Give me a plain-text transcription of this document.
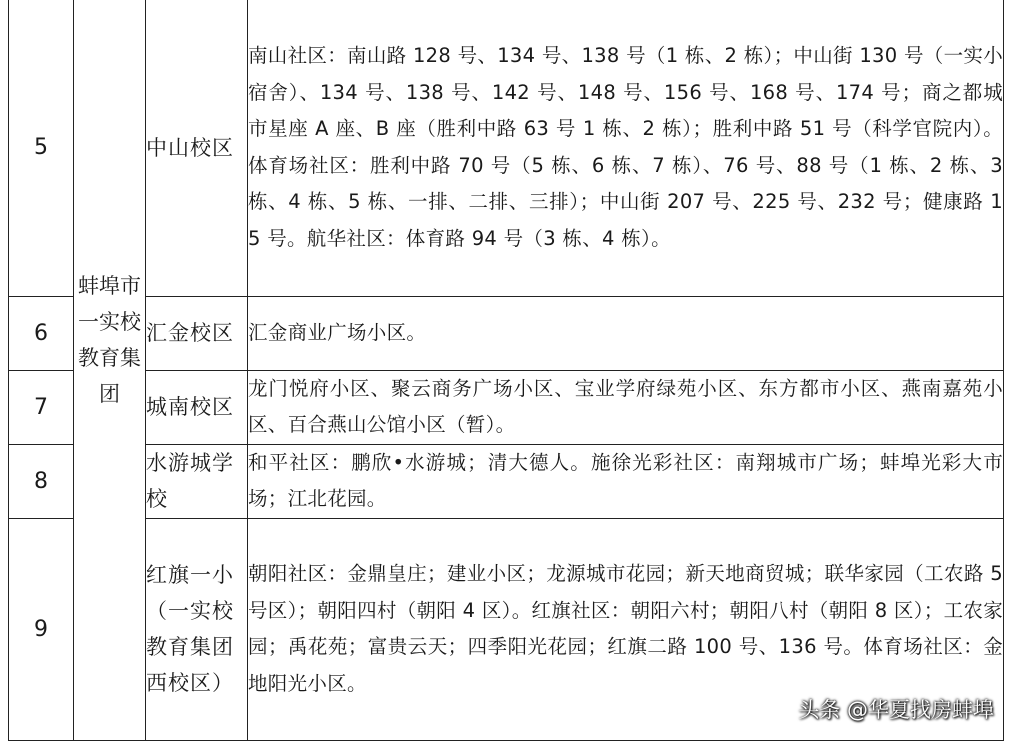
5	蚌埠市一实校教育集团	中山校区	南山社区：南山路 128 号、134 号、138 号（1 栋、2 栋）；中山街 130 号（一实小宿舍）、134 号、138 号、142 号、148 号、156 号、168 号、174 号；商之都城市星座 A 座、B 座（胜利中路 63 号 1 栋、2 栋）；胜利中路 51 号（科学官院内）。体育场社区：胜利中路 70 号（5 栋、6 栋、7 栋）、76 号、88 号（1 栋、2 栋、3 栋、4 栋、5 栋、一排、二排、三排）；中山街 207 号、225 号、232 号；健康路 15 号。航华社区：体育路 94 号（3 栋、4 栋）。
6		汇金校区	汇金商业广场小区。
7		城南校区	龙门悦府小区、聚云商务广场小区、宝业学府绿苑小区、东方都市小区、燕南嘉苑小区、百合燕山公馆小区（暂）。
8		水游城学校	和平社区：鹏欣•水游城；清大德人。施徐光彩社区：南翔城市广场；蚌埠光彩大市场；江北花园。
9		红旗一小（一实校教育集团西校区）	朝阳社区：金鼎皇庄；建业小区；龙源城市花园；新天地商贸城；联华家园（工农路 5 号区）；朝阳四村（朝阳 4 区）。红旗社区：朝阳六村；朝阳八村（朝阳 8 区）；工农家园；禹花苑；富贵云天；四季阳光花园；红旗二路 100 号、136 号。体育场社区：金地阳光小区。
头条 @华夏找房蚌埠
